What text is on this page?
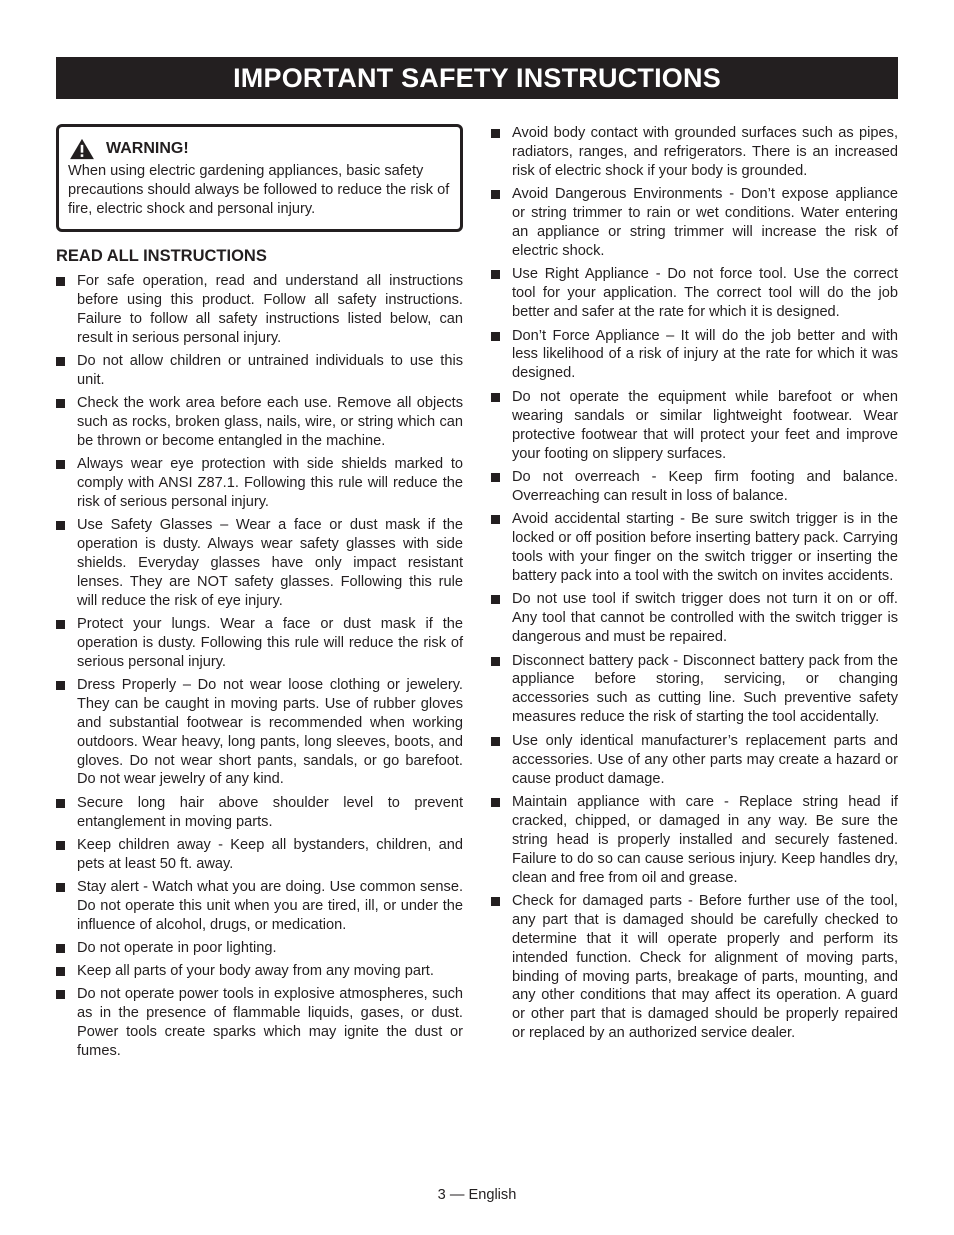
IMPORTANT SAFETY INSTRUCTIONS
WARNING!
When using electric gardening appliances, basic safety precautions should always be followed to reduce the risk of fire, electric shock and personal injury.
READ ALL INSTRUCTIONS
For safe operation, read and understand all instructions before using this product. Follow all safety instructions. Failure to follow all safety instructions listed below, can result in serious personal injury.
Do not allow children or untrained individuals to use this unit.
Check the work area before each use. Remove all objects such as rocks, broken glass, nails, wire, or string which can be thrown or become entangled in the machine.
Always wear eye protection with side shields marked to comply with ANSI Z87.1. Following this rule will reduce the risk of serious personal injury.
Use Safety Glasses – Wear a face or dust mask if the operation is dusty. Always wear safety glasses with side shields. Everyday glasses have only impact resistant lenses. They are NOT safety glasses. Following this rule will reduce the risk of eye injury.
Protect your lungs. Wear a face or dust mask if the operation is dusty. Following this rule will reduce the risk of serious personal injury.
Dress Properly – Do not wear loose clothing or jewelery. They can be caught in moving parts. Use of rubber gloves and substantial footwear is recommended when working outdoors. Wear heavy, long pants, long sleeves, boots, and gloves. Do not wear short pants, sandals, or go barefoot. Do not wear jewelry of any kind.
Secure long hair above shoulder level to prevent entanglement in moving parts.
Keep children away - Keep all bystanders, children, and pets at least 50 ft. away.
Stay alert - Watch what you are doing. Use common sense. Do not operate this unit when you are tired, ill, or under the influence of alcohol, drugs, or medication.
Do not operate in poor lighting.
Keep all parts of your body away from any moving part.
Do not operate power tools in explosive atmospheres, such as in the presence of flammable liquids, gases, or dust. Power tools create sparks which may ignite the dust or fumes.
Avoid body contact with grounded surfaces such as pipes, radiators, ranges, and refrigerators. There is an increased risk of electric shock if your body is grounded.
Avoid Dangerous Environments - Don’t expose appliance or string trimmer to rain or wet conditions. Water entering an appliance or string trimmer will increase the risk of electric shock.
Use Right Appliance - Do not force tool. Use the correct tool for your application. The correct tool will do the job better and safer at the rate for which it is designed.
Don’t Force Appliance – It will do the job better and with less likelihood of a risk of injury at the rate for which it was designed.
Do not operate the equipment while barefoot or when wearing sandals or similar lightweight footwear. Wear protective footwear that will protect your feet and improve your footing on slippery surfaces.
Do not overreach - Keep firm footing and balance. Overreaching can result in loss of balance.
Avoid accidental starting - Be sure switch trigger is in the locked or off position before inserting battery pack. Carrying tools with your finger on the switch trigger or inserting the battery pack into a tool with the switch on invites accidents.
Do not use tool if switch trigger does not turn it on or off. Any tool that cannot be controlled with the switch trigger is dangerous and must be repaired.
Disconnect battery pack - Disconnect battery pack from the appliance before storing, servicing, or changing accessories such as cutting line. Such preventive safety measures reduce the risk of starting the tool accidentally.
Use only identical manufacturer’s replacement parts and accessories. Use of any other parts may create a hazard or cause product damage.
Maintain appliance with care - Replace string head if cracked, chipped, or damaged in any way. Be sure the string head is properly installed and securely fastened. Failure to do so can cause serious injury. Keep handles dry, clean and free from oil and grease.
Check for damaged parts - Before further use of the tool, any part that is damaged should be carefully checked to determine that it will operate properly and perform its intended function. Check for alignment of moving parts, binding of moving parts, breakage of parts, mounting, and any other conditions that may affect its operation. A guard or other part that is damaged should be properly repaired or replaced by an authorized service dealer.
3 — English
